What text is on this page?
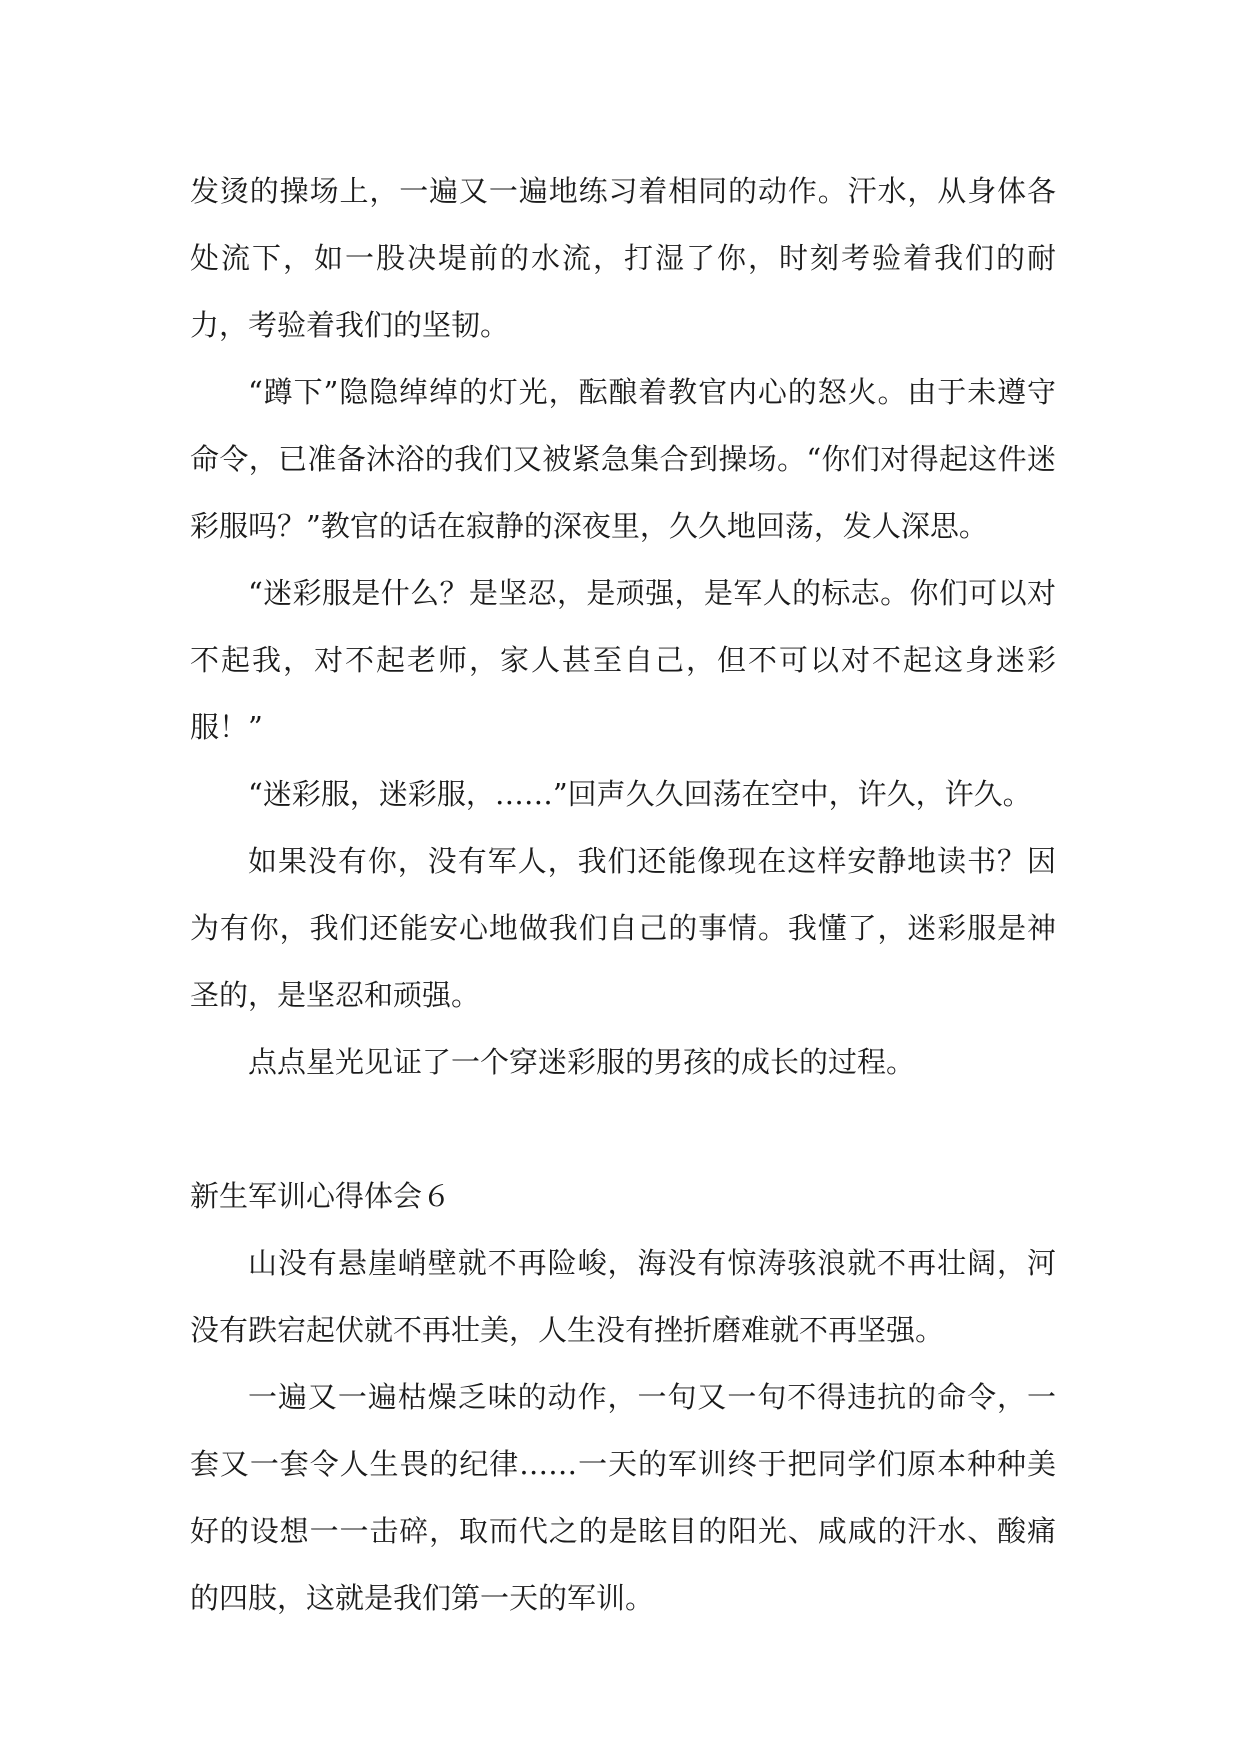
发烫的操场上，一遍又一遍地练习着相同的动作。汗水，从身体各处流下，如一股决堤前的水流，打湿了你，时刻考验着我们的耐力，考验着我们的坚韧。

“蹲下”隐隐绰绰的灯光，酝酿着教官内心的怒火。由于未遵守命令，已准备沐浴的我们又被紧急集合到操场。“你们对得起这件迷彩服吗？”教官的话在寂静的深夜里，久久地回荡，发人深思。

“迷彩服是什么？是坚忍，是顽强，是军人的标志。你们可以对不起我，对不起老师，家人甚至自己，但不可以对不起这身迷彩服！”

“迷彩服，迷彩服，……”回声久久回荡在空中，许久，许久。

如果没有你，没有军人，我们还能像现在这样安静地读书？因为有你，我们还能安心地做我们自己的事情。我懂了，迷彩服是神圣的，是坚忍和顽强。

点点星光见证了一个穿迷彩服的男孩的成长的过程。

新生军训心得体会６

山没有悬崖峭壁就不再险峻，海没有惊涛骇浪就不再壮阔，河没有跌宕起伏就不再壮美，人生没有挫折磨难就不再坚强。

一遍又一遍枯燥乏味的动作，一句又一句不得违抗的命令，一套又一套令人生畏的纪律……一天的军训终于把同学们原本种种美好的设想一一击碎，取而代之的是眩目的阳光、咸咸的汗水、酸痛的四肢，这就是我们第一天的军训。
